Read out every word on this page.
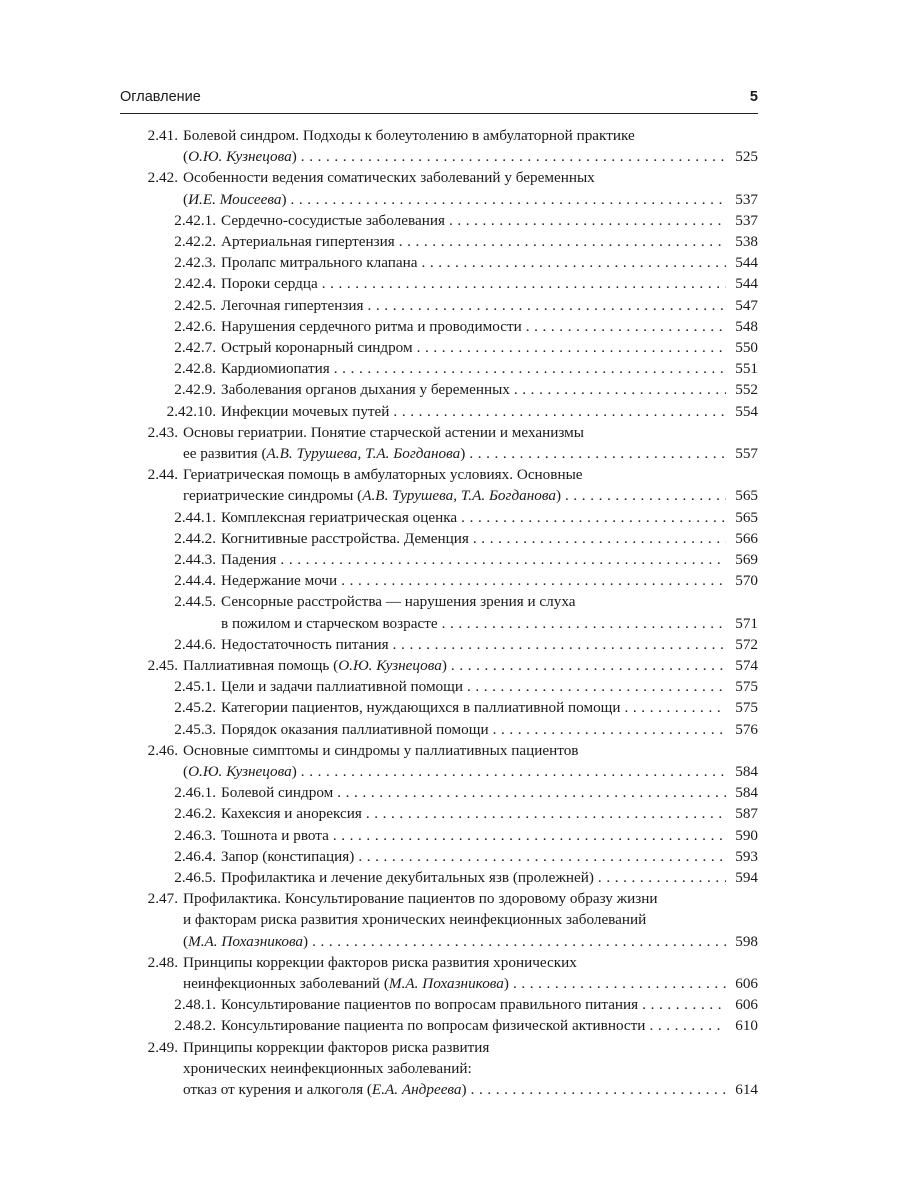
Оглавление	5
2.41. Болевой синдром. Подходы к болеутолению в амбулаторной практике
(О.Ю. Кузнецова) . . .	525
2.42. Особенности ведения соматических заболеваний у беременных
(И.Е. Моисеева) . . .	537
2.42.1. Сердечно-сосудистые заболевания . . .	537
2.42.2. Артериальная гипертензия . . .	538
2.42.3. Пролапс митрального клапана . . .	544
2.42.4. Пороки сердца . . .	544
2.42.5. Легочная гипертензия . . .	547
2.42.6. Нарушения сердечного ритма и проводимости . . .	548
2.42.7. Острый коронарный синдром . . .	550
2.42.8. Кардиомиопатия . . .	551
2.42.9. Заболевания органов дыхания у беременных . . .	552
2.42.10. Инфекции мочевых путей . . .	554
2.43. Основы гериатрии. Понятие старческой астении и механизмы
ее развития (А.В. Турушева, Т.А. Богданова) . . .	557
2.44. Гериатрическая помощь в амбулаторных условиях. Основные
гериатрические синдромы (А.В. Турушева, Т.А. Богданова) . . .	565
2.44.1. Комплексная гериатрическая оценка . . .	565
2.44.2. Когнитивные расстройства. Деменция . . .	566
2.44.3. Падения . . .	569
2.44.4. Недержание мочи . . .	570
2.44.5. Сенсорные расстройства — нарушения зрения и слуха
в пожилом и старческом возрасте . . .	571
2.44.6. Недостаточность питания . . .	572
2.45. Паллиативная помощь (О.Ю. Кузнецова) . . .	574
2.45.1. Цели и задачи паллиативной помощи . . .	575
2.45.2. Категории пациентов, нуждающихся в паллиативной помощи . . .	575
2.45.3. Порядок оказания паллиативной помощи . . .	576
2.46. Основные симптомы и синдромы у паллиативных пациентов
(О.Ю. Кузнецова) . . .	584
2.46.1. Болевой синдром . . .	584
2.46.2. Кахексия и анорексия . . .	587
2.46.3. Тошнота и рвота . . .	590
2.46.4. Запор (констипация) . . .	593
2.46.5. Профилактика и лечение декубитальных язв (пролежней) . . .	594
2.47. Профилактика. Консультирование пациентов по здоровому образу жизни
и факторам риска развития хронических неинфекционных заболеваний
(М.А. Похазникова) . . .	598
2.48. Принципы коррекции факторов риска развития хронических
неинфекционных заболеваний (М.А. Похазникова) . . .	606
2.48.1. Консультирование пациентов по вопросам правильного питания . . .	606
2.48.2. Консультирование пациента по вопросам физической активности . . .	610
2.49. Принципы коррекции факторов риска развития
хронических неинфекционных заболеваний:
отказ от курения и алкоголя (Е.А. Андреева) . . .	614
